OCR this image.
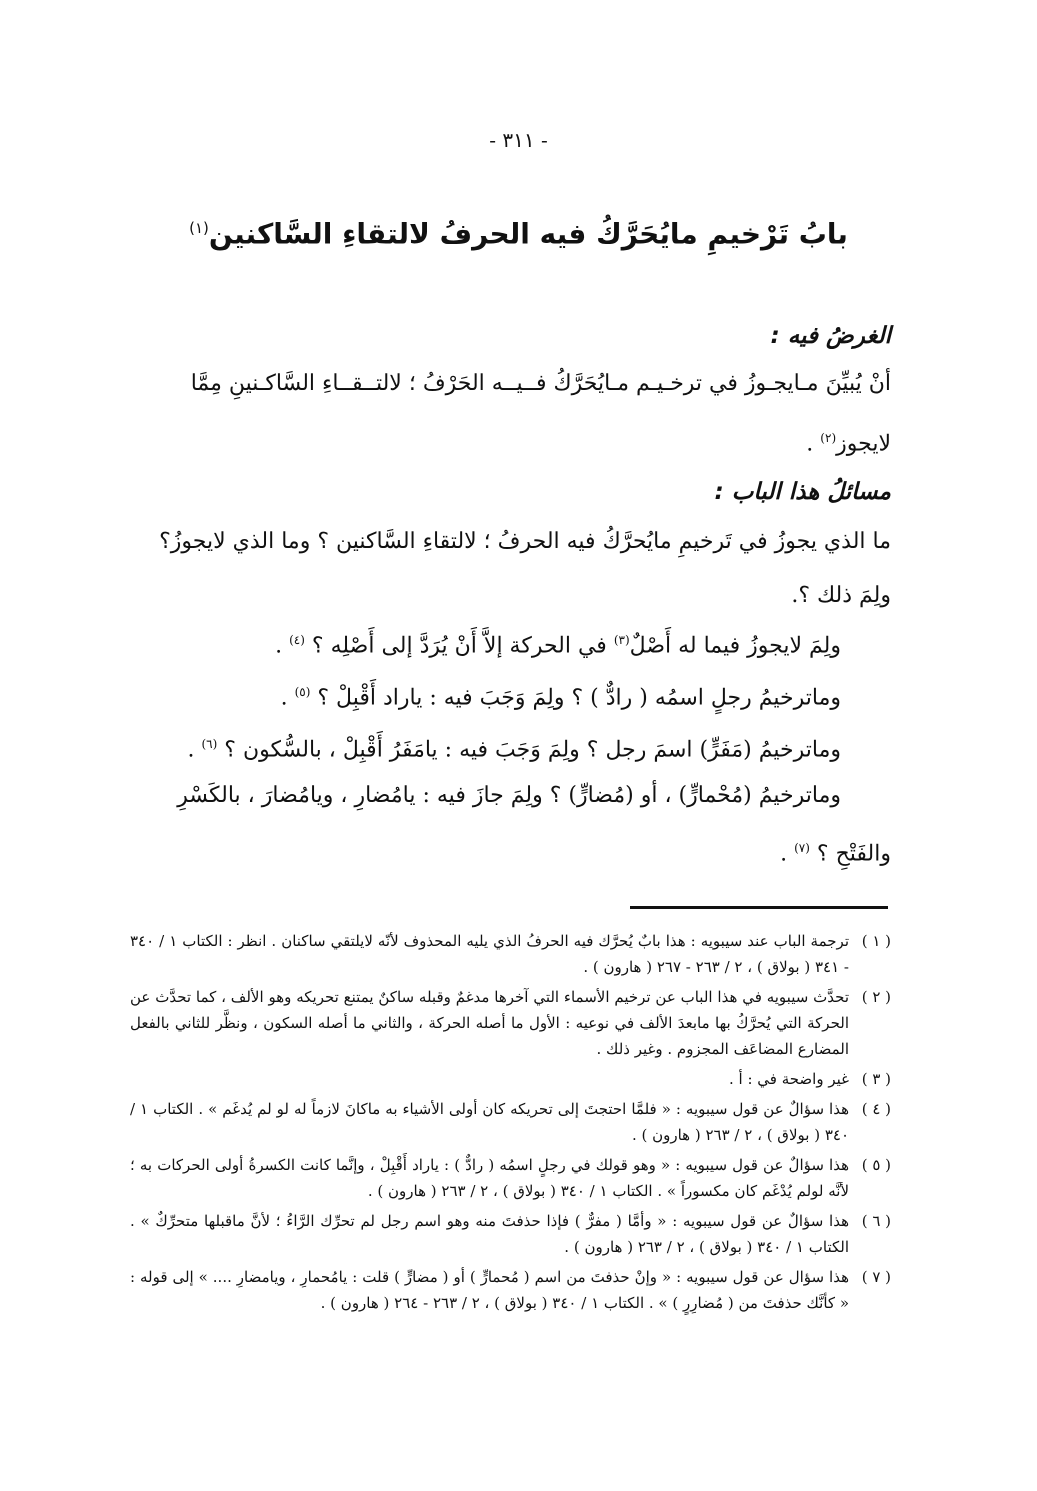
- ٣١١ -
بابُ تَرْخيمِ مايُحَرَّكُ فيه الحرفُ لالتقاءِ السَّاكنين$^{(١)}$
الغرضُ فيه :
أنْ يُبيِّنَ مـايجـوزُ في ترخـيـم مـايُحَرَّكُ فــيــه الحَرْفُ ؛ لالتــقــاءِ السَّاكـنينِ مِمَّا
لايجوز$^{(٢)}$ .
مسائلُ هذا الباب :
ما الذي يجوزُ في تَرخيمِ مايُحرَّكُ فيه الحرفُ ؛ لالتقاءِ السَّاكنين ؟ وما الذي لايجوزُ؟
ولِمَ ذلك ؟.
ولِمَ لايجوزُ فيما له أَصْلٌ$^{(٣)}$ في الحركة إلاَّ أَنْ يُرَدَّ إلى أَصْلِه ؟ $^{(٤)}$ .
وماترخيمُ رجلٍ اسمُه ( رادٌّ ) ؟ ولِمَ وَجَبَ فيه : ياراد أَقْبِلْ ؟ $^{(٥)}$ .
وماترخيمُ (مَفَرٍّ) اسمَ رجل ؟ ولِمَ وَجَبَ فيه : يامَفَرُ أَقْبِلْ ، بالسُّكون ؟ $^{(٦)}$ .
وماترخيمُ (مُحْمارٍّ) ، أو (مُضارٍّ) ؟ ولِمَ جازَ فيه : يامُضارِ ، ويامُضارَ ، بالكَسْرِ
والفَتْحِ ؟ $^{(٧)}$ .
( ١ )
ترجمة الباب عند سيبويه : هذا بابٌ يُحرَّك فيه الحرفُ الذي يليه المحذوف لأنّه لايلتقي ساكنان . انظر : الكتاب ١ / ٣٤٠ - ٣٤١ ( بولاق ) ، ٢ / ٢٦٣ - ٢٦٧ ( هارون ) .
( ٢ )
تحدَّث سيبويه في هذا الباب عن ترخيم الأسماء التي آخرها مدغمٌ وقبله ساكنٌ يمتنع تحريكه وهو الألف ، كما تحدَّث عن الحركة التي يُحرَّكُ بها مابعدَ الألف في نوعيه : الأول ما أصله الحركة ، والثاني ما أصله السكون ، ونظَّر للثاني بالفعل المضارع المضاعَف المجزوم . وغير ذلك .
( ٣ )
غير واضحة في : أ .
( ٤ )
هذا سؤالٌ عن قول سيبويه : « فلمَّا احتجتَ إلى تحريكه كان أولى الأشياء به ماكانَ لازماً له لو لم يُدغَم » . الكتاب ١ / ٣٤٠ ( بولاق ) ، ٢ / ٢٦٣ ( هارون ) .
( ٥ )
هذا سؤالٌ عن قول سيبويه : « وهو قولك في رجلٍ اسمُه ( رادٌّ ) : ياراد أَقْبِلْ ، وإنَّما كانت الكسرةُ أولى الحركات به ؛ لأنَّه لولم يُدْغَم كان مكسوراً » . الكتاب ١ / ٣٤٠ ( بولاق ) ، ٢ / ٢٦٣ ( هارون ) .
( ٦ )
هذا سؤالٌ عن قول سيبويه : « وأمَّا ( مفرٌّ ) فإذا حذفتَ منه وهو اسم رجل لم تحرِّك الرَّاءُ ؛ لأنَّ ماقبلها متحرِّكٌ » . الكتاب ١ / ٣٤٠ ( بولاق ) ، ٢ / ٢٦٣ ( هارون ) .
( ٧ )
هذا سؤال عن قول سيبويه : « وإنْ حذفتَ من اسم ( مُحمارٍّ ) أو ( مضارٍّ ) قلت : يامُحمارِ ، ويامضارِ .... » إلى قوله : « كأنَّك حذفتَ من ( مُضارِرٍ ) » . الكتاب ١ / ٣٤٠ ( بولاق ) ، ٢ / ٢٦٣ - ٢٦٤ ( هارون ) .
